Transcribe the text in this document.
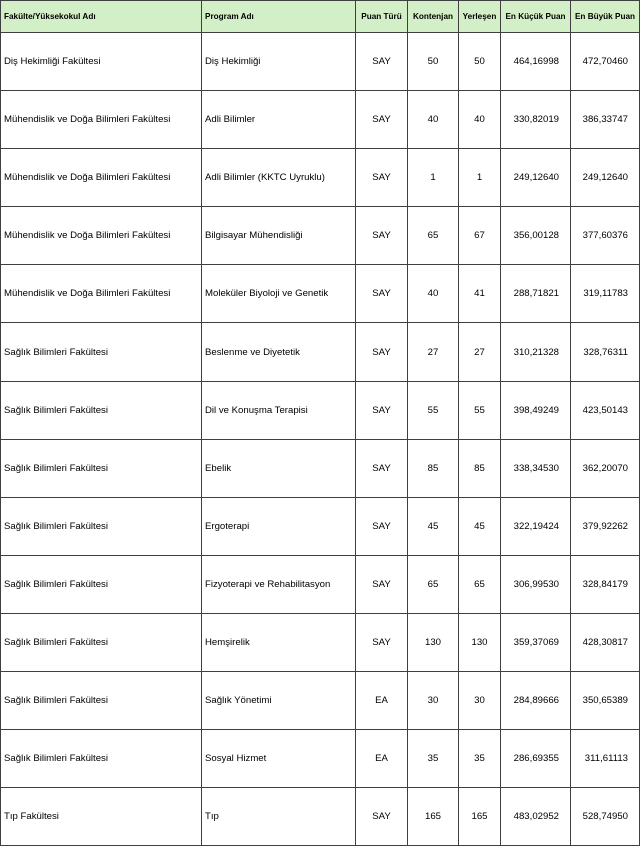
Fakülte/Yüksekokul Adı	Program Adı	Puan Türü	Kontenjan	Yerleşen	En Küçük Puan	En Büyük Puan
Diş Hekimliği Fakültesi	Diş Hekimliği	SAY	50	50	464,16998	472,70460
Mühendislik ve Doğa Bilimleri Fakültesi	Adli Bilimler	SAY	40	40	330,82019	386,33747
Mühendislik ve Doğa Bilimleri Fakültesi	Adli Bilimler (KKTC Uyruklu)	SAY	1	1	249,12640	249,12640
Mühendislik ve Doğa Bilimleri Fakültesi	Bilgisayar Mühendisliği	SAY	65	67	356,00128	377,60376
Mühendislik ve Doğa Bilimleri Fakültesi	Moleküler Biyoloji ve Genetik	SAY	40	41	288,71821	319,11783
Sağlık Bilimleri Fakültesi	Beslenme ve Diyetetik	SAY	27	27	310,21328	328,76311
Sağlık Bilimleri Fakültesi	Dil ve Konuşma Terapisi	SAY	55	55	398,49249	423,50143
Sağlık Bilimleri Fakültesi	Ebelik	SAY	85	85	338,34530	362,20070
Sağlık Bilimleri Fakültesi	Ergoterapi	SAY	45	45	322,19424	379,92262
Sağlık Bilimleri Fakültesi	Fizyoterapi ve Rehabilitasyon	SAY	65	65	306,99530	328,84179
Sağlık Bilimleri Fakültesi	Hemşirelik	SAY	130	130	359,37069	428,30817
Sağlık Bilimleri Fakültesi	Sağlık Yönetimi	EA	30	30	284,89666	350,65389
Sağlık Bilimleri Fakültesi	Sosyal Hizmet	EA	35	35	286,69355	311,61113
Tıp Fakültesi	Tıp	SAY	165	165	483,02952	528,74950
